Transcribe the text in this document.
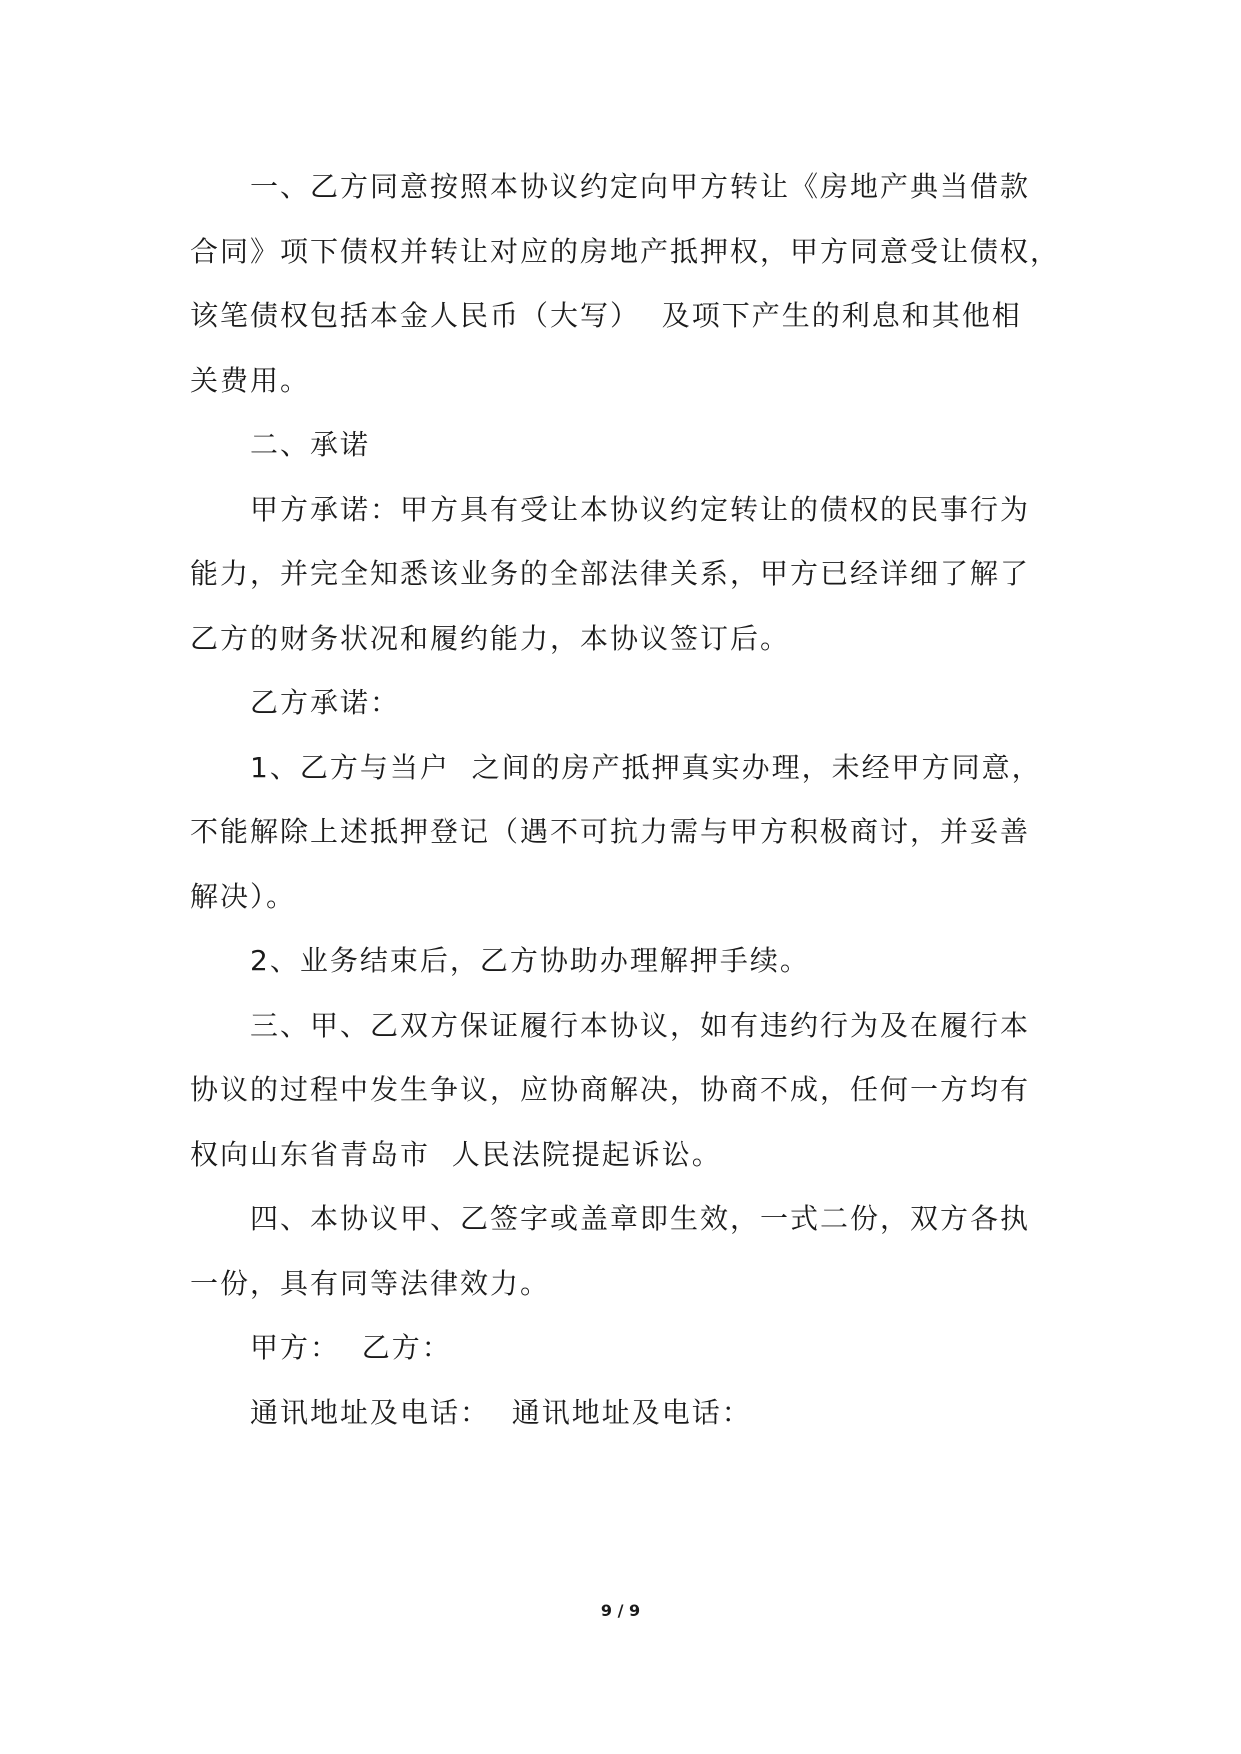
一、乙方同意按照本协议约定向甲方转让《房地产典当借款
合同》项下债权并转让对应的房地产抵押权，甲方同意受让债权，
该笔债权包括本金人民币（大写）  及项下产生的利息和其他相
关费用。
二、承诺
甲方承诺：甲方具有受让本协议约定转让的债权的民事行为
能力，并完全知悉该业务的全部法律关系，甲方已经详细了解了
乙方的财务状况和履约能力，本协议签订后。
乙方承诺：
1、乙方与当户  之间的房产抵押真实办理，未经甲方同意，
不能解除上述抵押登记（遇不可抗力需与甲方积极商讨，并妥善
解决）。
2、业务结束后，乙方协助办理解押手续。
三、甲、乙双方保证履行本协议，如有违约行为及在履行本
协议的过程中发生争议，应协商解决，协商不成，任何一方均有
权向山东省青岛市  人民法院提起诉讼。
四、本协议甲、乙签字或盖章即生效，一式二份，双方各执
一份，具有同等法律效力。
甲方：  乙方：
通讯地址及电话：  通讯地址及电话：
9 / 9
